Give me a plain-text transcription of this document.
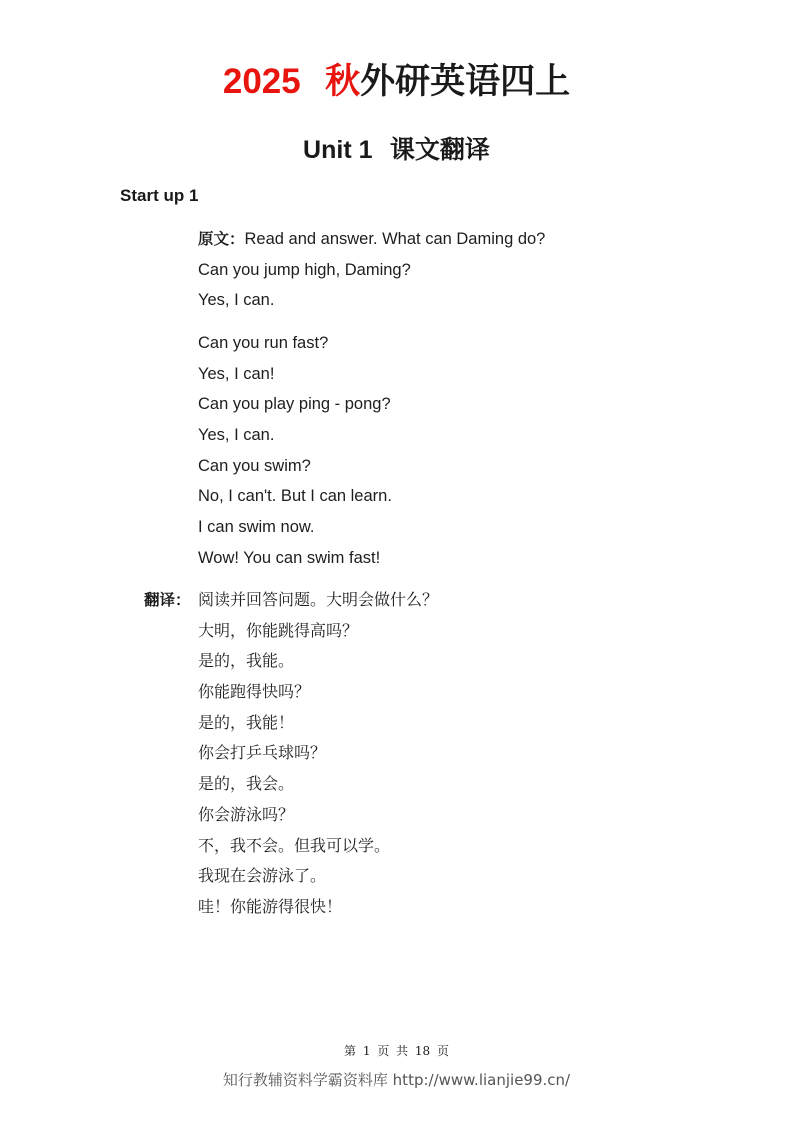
2025 秋外研英语四上
Unit 1 课文翻译
Start up 1
原文：Read and answer. What can Daming do?
Can you jump high, Daming?
Yes, I can.
Can you run fast?
Yes, I can!
Can you play ping - pong?
Yes, I can.
Can you swim?
No, I can't. But I can learn.
I can swim now.
Wow! You can swim fast!
翻译： 阅读并回答问题。大明会做什么？
大明，你能跳得高吗？
是的，我能。
你能跑得快吗？
是的，我能！
你会打乒乓球吗？
是的，我会。
你会游泳吗？
不，我不会。但我可以学。
我现在会游泳了。
哇！你能游得很快！
第 1 页 共 18 页
知行教辅资料学霸资料库 http://www.lianjie99.cn/
